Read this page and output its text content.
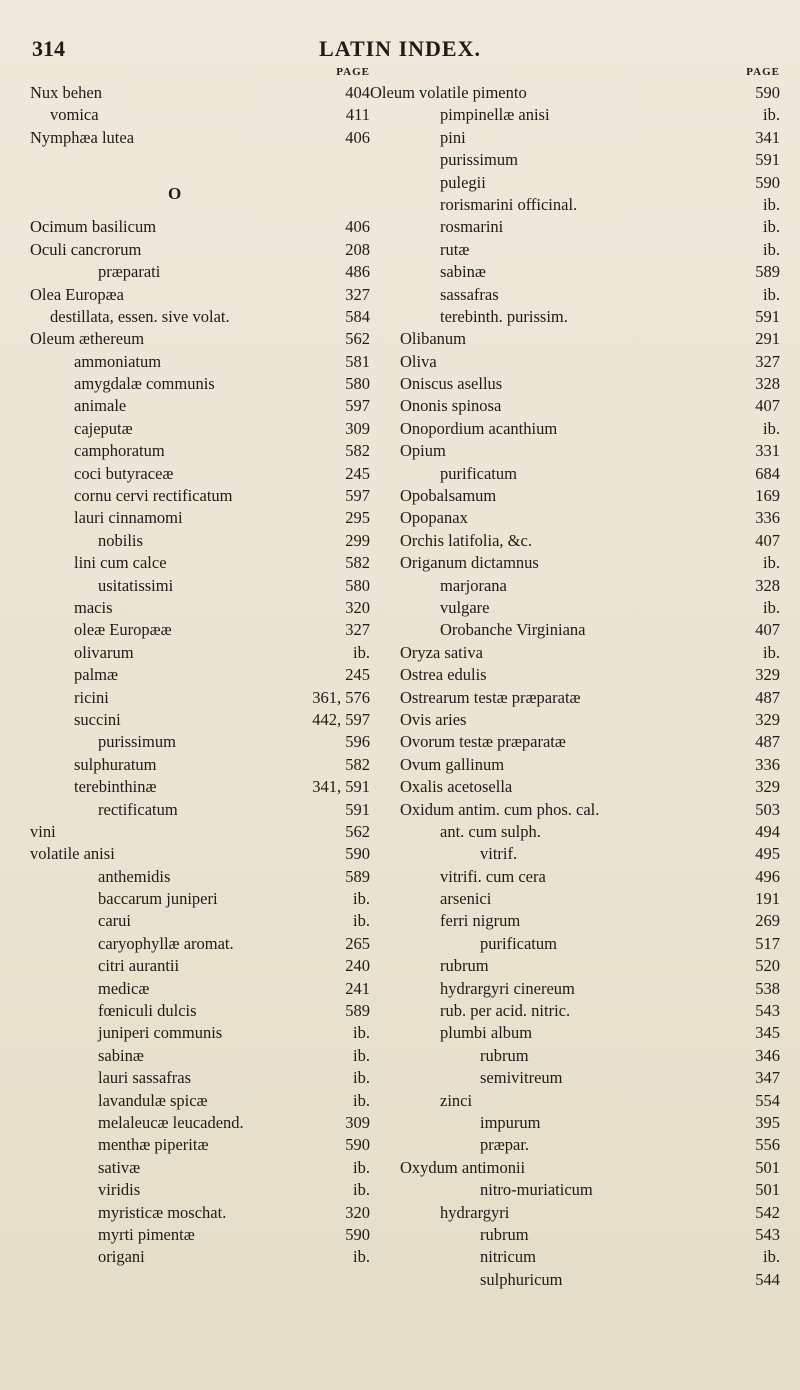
314	LATIN INDEX.
PAGE
Nux behen	404
vomica	411
Nymphæa lutea	406
O
Ocimum basilicum	406
Oculi cancrorum	208
præparati	486
Olea Europæa	327
destillata, essen. sive volat.	584
Oleum æthereum	562
ammoniatum	581
amygdalæ communis	580
animale	597
cajeputæ	309
camphoratum	582
coci butyraceæ	245
cornu cervi rectificatum	597
lauri cinnamomi	295
nobilis	299
lini cum calce	582
usitatissimi	580
macis	320
oleæ Europææ	327
olivarum	ib.
palmæ	245
ricini	361, 576
succini	442, 597
purissimum	596
sulphuratum	582
terebinthinæ	341, 591
rectificatum	591
vini	562
volatile anisi	590
anthemidis	589
baccarum juniperi	ib.
carui	ib.
caryophyllæ aromat.	265
citri aurantii	240
medicæ	241
fœniculi dulcis	589
juniperi communis	ib.
sabinæ	ib.
lauri sassafras	ib.
lavandulæ spicæ	ib.
melaleucæ leucadend.	309
menthæ piperitæ	590
sativæ	ib.
viridis	ib.
myristicæ moschat.	320
myrti pimentæ	590
origani	ib.
PAGE
Oleum volatile pimento	590
pimpinellæ anisi	ib.
pini	341
purissimum	591
pulegii	590
rorismarini officinal.	ib.
rosmarini	ib.
rutæ	ib.
sabinæ	589
sassafras	ib.
terebinth. purissim.	591
Olibanum	291
Oliva	327
Oniscus asellus	328
Ononis spinosa	407
Onopordium acanthium	ib.
Opium	331
purificatum	684
Opobalsamum	169
Opopanax	336
Orchis latifolia, &c.	407
Origanum dictamnus	ib.
marjorana	328
vulgare	ib.
Orobanche Virginiana	407
Oryza sativa	ib.
Ostrea edulis	329
Ostrearum testæ præparatæ	487
Ovis aries	329
Ovorum testæ præparatæ	487
Ovum gallinum	336
Oxalis acetosella	329
Oxidum antim. cum phos. cal.	503
ant. cum sulph.	494
vitrif.	495
vitrifi. cum cera	496
arsenici	191
ferri nigrum	269
purificatum	517
rubrum	520
hydrargyri cinereum	538
rub. per acid. nitric.	543
plumbi album	345
rubrum	346
semivitreum	347
zinci	554
impurum	395
præpar.	556
Oxydum antimonii	501
nitro-muriaticum	501
hydrargyri	542
rubrum	543
nitricum	ib.
sulphuricum	544
